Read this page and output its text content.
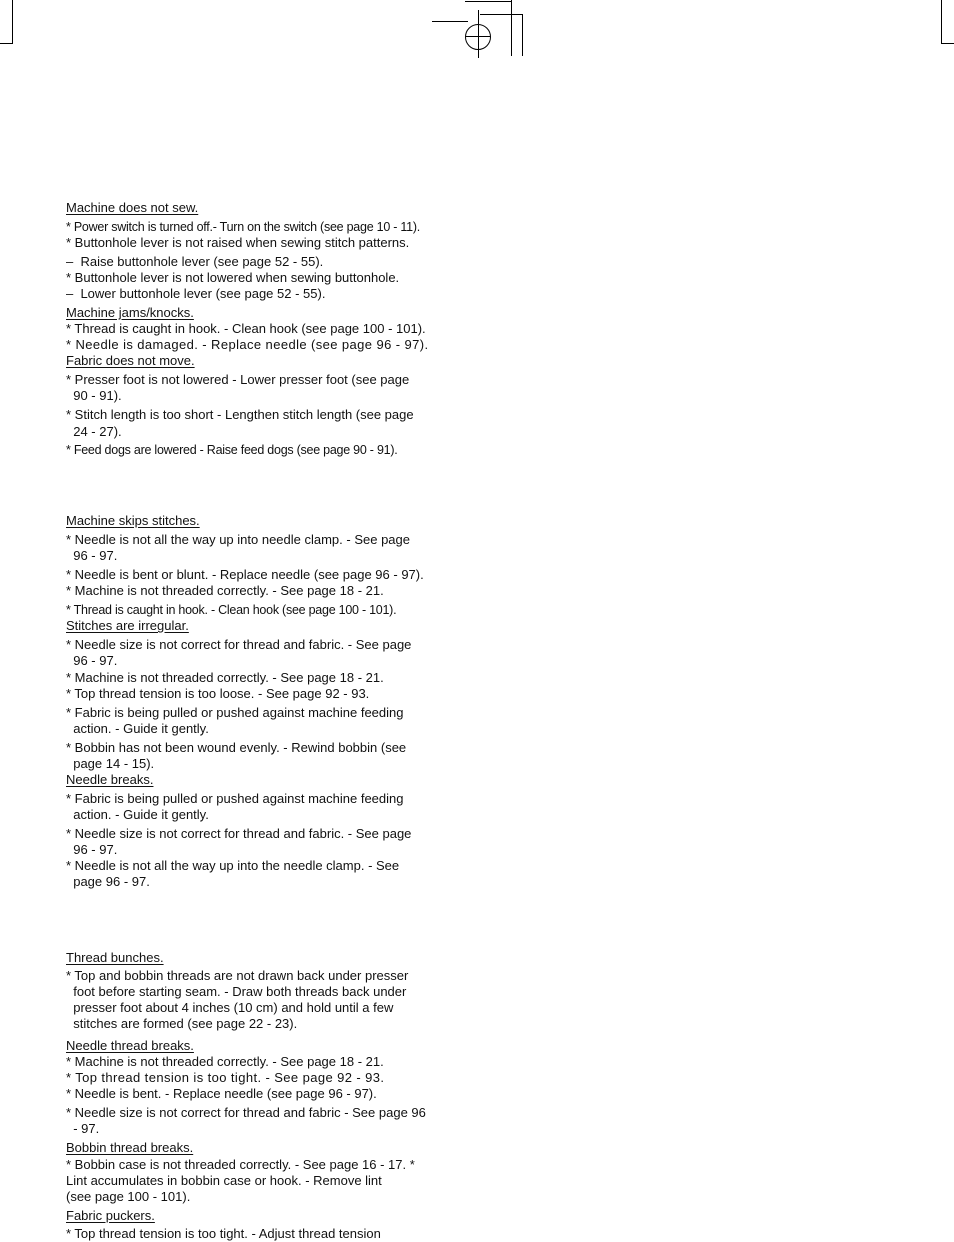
Machine does not sew.
* Power switch is turned off.- Turn on the switch (see page 10 - 11).
* Buttonhole lever is not raised when sewing stitch patterns.
–  Raise buttonhole lever (see page 52 - 55).
* Buttonhole lever is not lowered when sewing buttonhole.
–  Lower buttonhole lever (see page 52 - 55).
Machine jams/knocks.
* Thread is caught in hook. - Clean hook (see page 100 - 101).
* Needle is damaged. - Replace needle (see page 96 - 97).
Fabric does not move.
* Presser foot is not lowered - Lower presser foot (see page
90 - 91).
* Stitch length is too short - Lengthen stitch length (see page
24 - 27).
* Feed dogs are lowered - Raise feed dogs (see page 90 - 91).
Machine skips stitches.
* Needle is not all the way up into needle clamp. - See page
96 - 97.
* Needle is bent or blunt. - Replace needle (see page 96 - 97).
* Machine is not threaded correctly. - See page 18 - 21.
* Thread is caught in hook. - Clean hook (see page 100 - 101).
Stitches are irregular.
* Needle size is not correct for thread and fabric. - See page
96 - 97.
* Machine is not threaded correctly. - See page 18 - 21.
* Top thread tension is too loose. - See page 92 - 93.
* Fabric is being pulled or pushed against machine feeding
action. - Guide it gently.
* Bobbin has not been wound evenly. - Rewind bobbin (see
page 14 - 15).
Needle breaks.
* Fabric is being pulled or pushed against machine feeding
action. - Guide it gently.
* Needle size is not correct for thread and fabric. - See page
96 - 97.
* Needle is not all the way up into the needle clamp. - See
page 96 - 97.
Thread bunches.
* Top and bobbin threads are not drawn back under presser
foot before starting seam. - Draw both threads back under
presser foot about 4 inches (10 cm) and hold until a few
stitches are formed (see page 22 - 23).
Needle thread breaks.
* Machine is not threaded correctly. - See page 18 - 21.
* Top thread tension is too tight. - See page 92 - 93.
* Needle is bent. - Replace needle (see page 96 - 97).
* Needle size is not correct for thread and fabric - See page 96
- 97.
Bobbin thread breaks.
* Bobbin case is not threaded correctly. - See page 16 - 17. *
Lint accumulates in bobbin case or hook. - Remove lint
(see page 100 - 101).
Fabric puckers.
* Top thread tension is too tight. - Adjust thread tension
